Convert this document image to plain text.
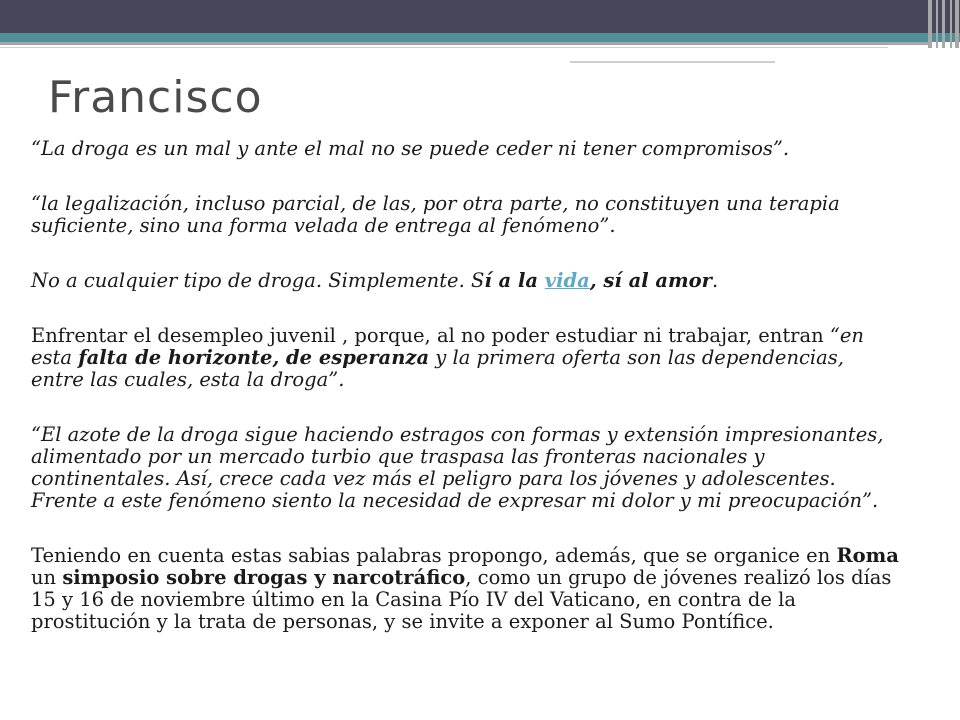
Francisco

“La droga es un mal y ante el mal no se puede ceder ni tener compromisos”.

“la legalización, incluso parcial, de las, por otra parte, no constituyen una terapia suficiente, sino una forma velada de entrega al fenómeno”.

No a cualquier tipo de droga. Simplemente. Sí a la vida, sí al amor.

Enfrentar el desempleo juvenil , porque, al no poder estudiar ni trabajar, entran “en esta falta de horizonte, de esperanza y la primera oferta son las dependencias, entre las cuales, esta la droga”.

“El azote de la droga sigue haciendo estragos con formas y extensión impresionantes, alimentado por un mercado turbio que traspasa las fronteras nacionales y continentales. Así, crece cada vez más el peligro para los jóvenes y adolescentes. Frente a este fenómeno siento la necesidad de expresar mi dolor y mi preocupación”.

Teniendo en cuenta estas sabias palabras propongo, además, que se organice en Roma un simposio sobre drogas y narcotráfico, como un grupo de jóvenes realizó los días 15 y 16 de noviembre último en la Casina Pío IV del Vaticano, en contra de la prostitución y la trata de personas, y se invite a exponer al Sumo Pontífice.
